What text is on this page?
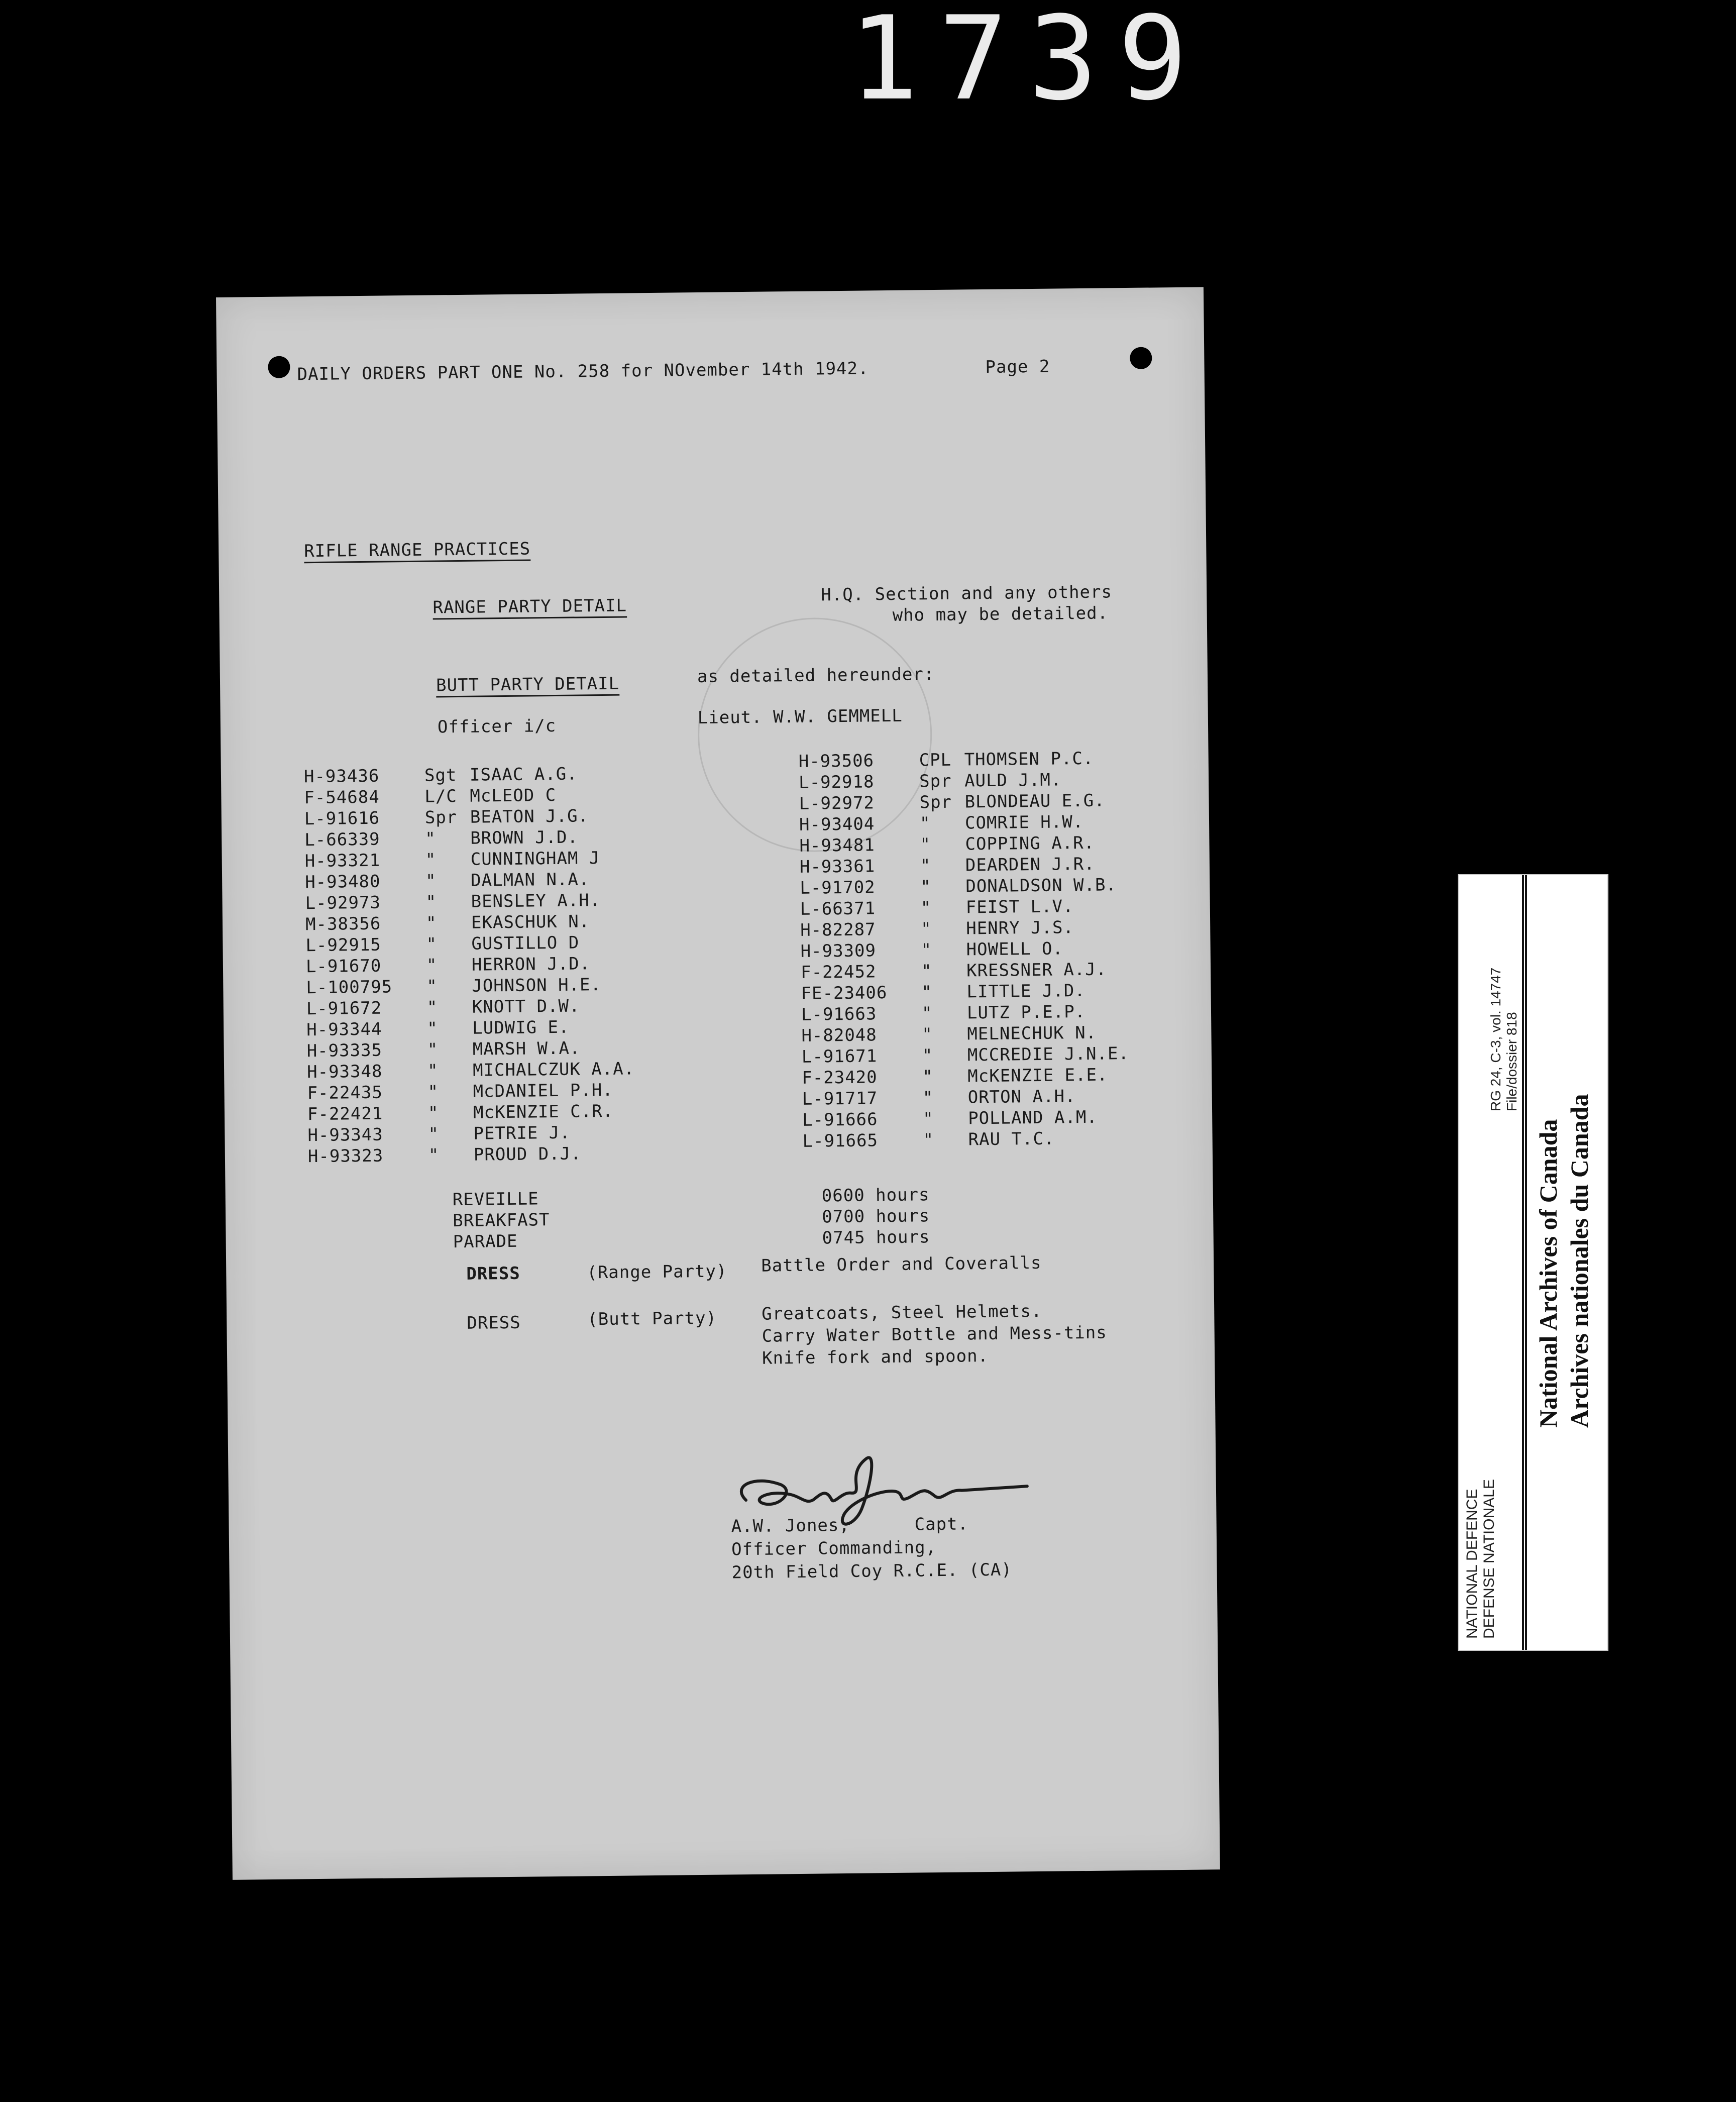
1739
DAILY ORDERS PART ONE No. 258 for NOvember 14th 1942.	Page 2
RIFLE RANGE PRACTICES
RANGE PARTY DETAIL
H.Q. Section and any others
who may be detailed.
BUTT PARTY DETAIL	as detailed hereunder:
Officer i/c	Lieut. W.W. GEMMELL
H-93436	Sgt ISAAC A.G.
F-54684	L/C McLEOD C
L-91616	Spr BEATON J.G.
L-66339	" BROWN J.D.
H-93321	" CUNNINGHAM J
H-93480	" DALMAN N.A.
L-92973	" BENSLEY A.H.
M-38356	" EKASCHUK N.
L-92915	" GUSTILLO D
L-91670	" HERRON J.D.
L-100795 " JOHNSON H.E.
L-91672	" KNOTT D.W.
H-93344	" LUDWIG E.
H-93335	" MARSH W.A.
H-93348	" MICHALCZUK A.A.
F-22435	" McDANIEL P.H.
F-22421	" McKENZIE C.R.
H-93343	" PETRIE J.
H-93323	" PROUD D.J.
H-93506	CPL THOMSEN P.C.
L-92918	Spr AULD J.M.
L-92972	Spr BLONDEAU E.G.
H-93404	" COMRIE H.W.
H-93481	" COPPING A.R.
H-93361	" DEARDEN J.R.
L-91702	" DONALDSON W.B.
L-66371	" FEIST L.V.
H-82287	" HENRY J.S.
H-93309	" HOWELL O.
F-22452	" KRESSNER A.J.
FE-23406 " LITTLE J.D.
L-91663	" LUTZ P.E.P.
H-82048	" MELNECHUK N.
L-91671	" MCCREDIE J.N.E.
F-23420	" McKENZIE E.E.
L-91717	" ORTON A.H.
L-91666	" POLLAND A.M.
L-91665	" RAU T.C.
REVEILLE	0600 hours
BREAKFAST	0700 hours
PARADE	0745 hours
DRESS	(Range Party) Battle Order and Coveralls
DRESS	(Butt Party)	Greatcoats, Steel Helmets.
Carry Water Bottle and Mess-tins
Knife fork and spoon.
A.W. Jones,	Capt.
Officer Commanding,
20th Field Coy R.C.E. (CA)	NATIONAL DEFENCE DEFENSE NATIONALE
RG 24, C-3, vol. 14747 File/dossier 818
National Archives of Canada Archives nationales du Canada
